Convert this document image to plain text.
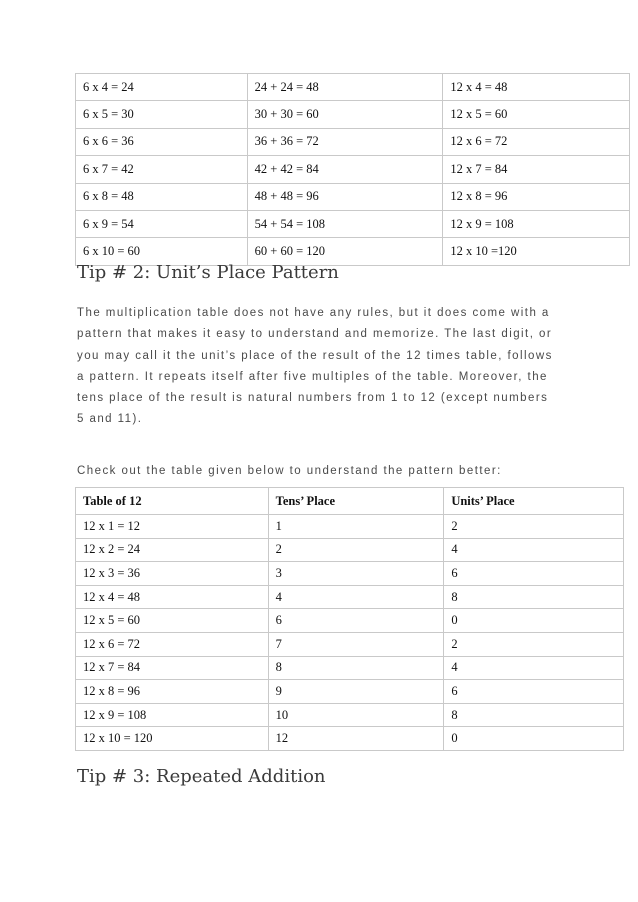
6 x 4 = 24	24 + 24 = 48	12 x 4 = 48
6 x 5 = 30	30 + 30 = 60	12 x 5 = 60
6 x 6 = 36	36 + 36 = 72	12 x 6 = 72
6 x 7 = 42	42 + 42 = 84	12 x 7 = 84
6 x 8 = 48	48 + 48 = 96	12 x 8 = 96
6 x 9 = 54	54 + 54 = 108	12 x 9 = 108
6 x 10 = 60	60 + 60 = 120	12 x 10 =120
Tip # 2: Unit’s Place Pattern

The multiplication table does not have any rules, but it does come with a pattern that makes it easy to understand and memorize. The last digit, or you may call it the unit’s place of the result of the 12 times table, follows a pattern. It repeats itself after five multiples of the table. Moreover, the tens place of the result is natural numbers from 1 to 12 (except numbers 5 and 11).

Check out the table given below to understand the pattern better:

Table of 12	Tens’ Place	Units’ Place
12 x 1 = 12	1	2
12 x 2 = 24	2	4
12 x 3 = 36	3	6
12 x 4 = 48	4	8
12 x 5 = 60	6	0
12 x 6 = 72	7	2
12 x 7 = 84	8	4
12 x 8 = 96	9	6
12 x 9 = 108	10	8
12 x 10 = 120	12	0
Tip # 3: Repeated Addition
